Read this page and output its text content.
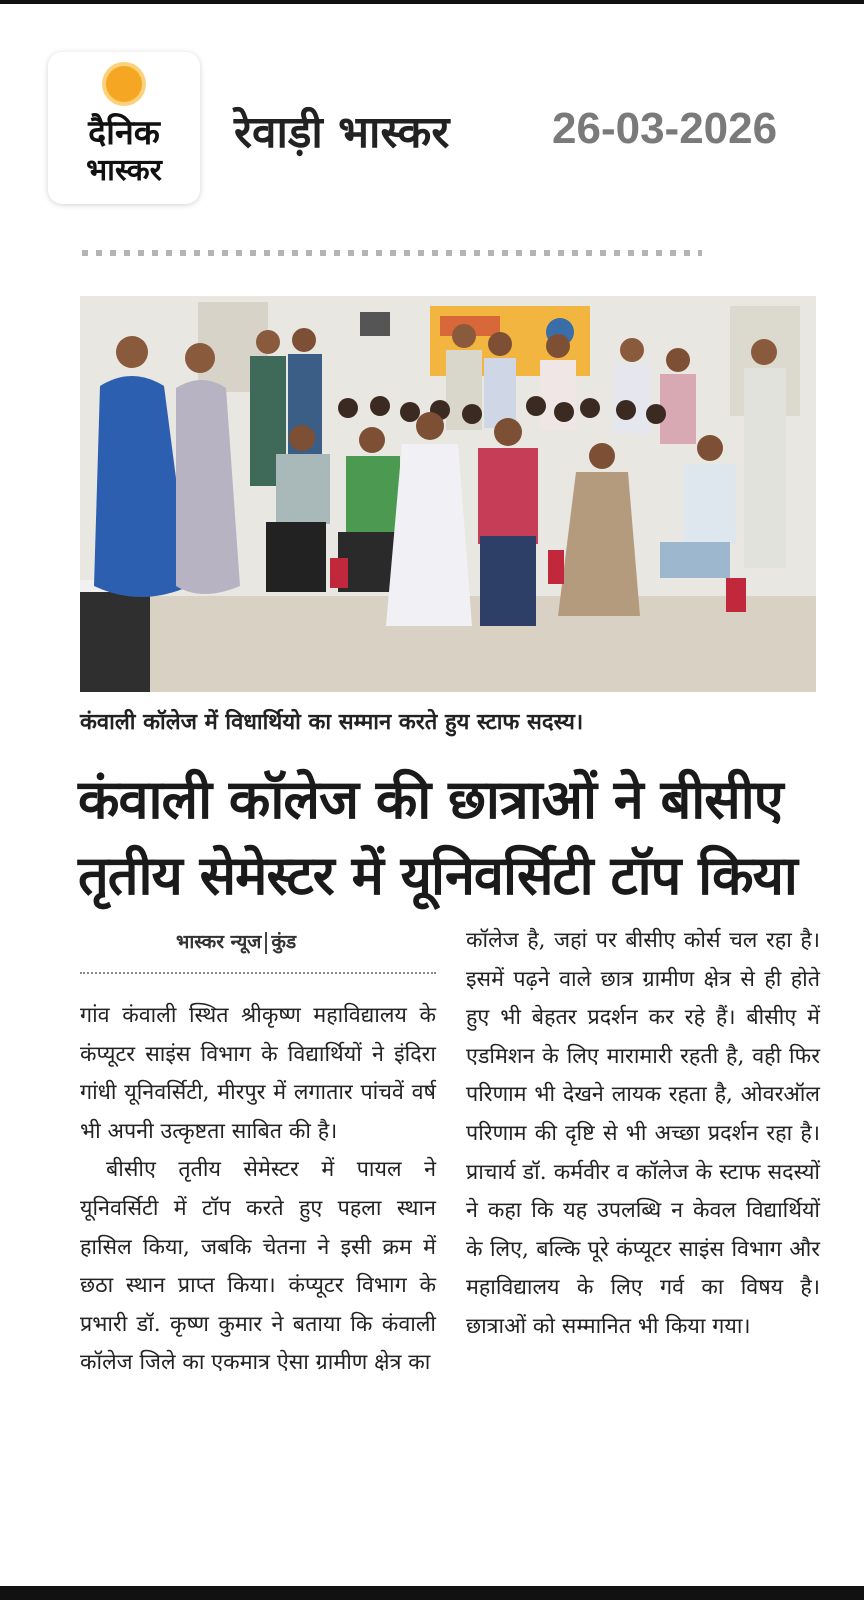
दैनिक
भास्कर
रेवाड़ी भास्कर 26-03-2026
कंवाली कॉलेज में विधार्थियो का सम्मान करते हुय स्टाफ सदस्य।
कंवाली कॉलेज की छात्राओं ने बीसीए
तृतीय सेमेस्टर में यूनिवर्सिटी टॉप किया
भास्कर न्यूज कुंड

गांव कंवाली स्थित श्रीकृष्ण महाविद्यालय के कंप्यूटर साइंस विभाग के विद्यार्थियों ने इंदिरा गांधी यूनिवर्सिटी, मीरपुर में लगातार पांचवें वर्ष भी अपनी उत्कृष्टता साबित की है।

बीसीए तृतीय सेमेस्टर में पायल ने यूनिवर्सिटी में टॉप करते हुए पहला स्थान हासिल किया, जबकि चेतना ने इसी क्रम में छठा स्थान प्राप्त किया। कंप्यूटर विभाग के प्रभारी डॉ. कृष्ण कुमार ने बताया कि कंवाली कॉलेज जिले का एकमात्र ऐसा ग्रामीण क्षेत्र का

कॉलेज है, जहां पर बीसीए कोर्स चल रहा है। इसमें पढ़ने वाले छात्र ग्रामीण क्षेत्र से ही होते हुए भी बेहतर प्रदर्शन कर रहे हैं। बीसीए में एडमिशन के लिए मारामारी रहती है, वही फिर परिणाम भी देखने लायक रहता है, ओवरऑल परिणाम की दृष्टि से भी अच्छा प्रदर्शन रहा है। प्राचार्य डॉ. कर्मवीर व कॉलेज के स्टाफ सदस्यों ने कहा कि यह उपलब्धि न केवल विद्यार्थियों के लिए, बल्कि पूरे कंप्यूटर साइंस विभाग और महाविद्यालय के लिए गर्व का विषय है। छात्राओं को सम्मानित भी किया गया।
